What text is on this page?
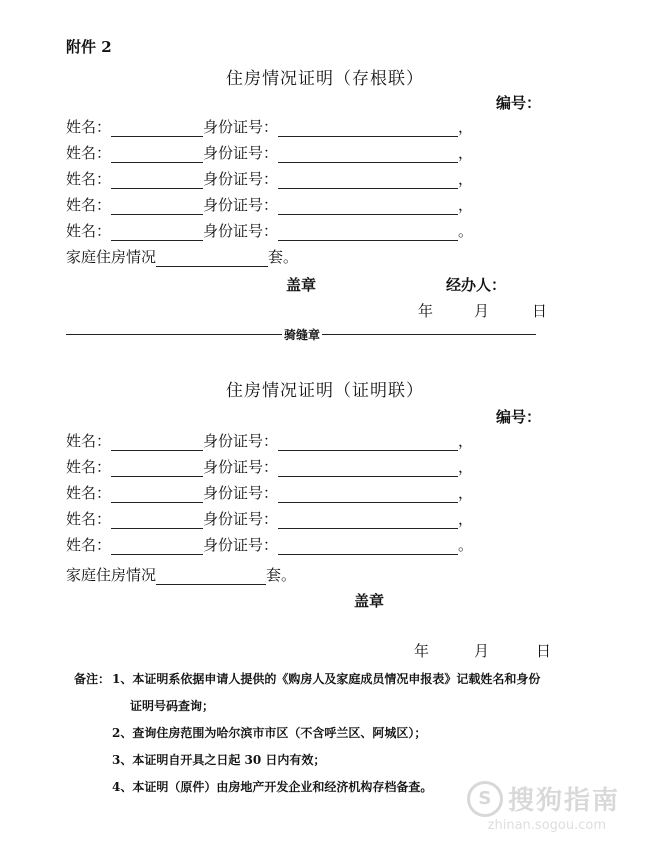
附件 2
住房情况证明（存根联）
编号：
姓名：	身份证号：	，
姓名：	身份证号：	，
姓名：	身份证号：	，
姓名：	身份证号：	，
姓名：	身份证号：	。
家庭住房情况	套。
盖章	经办人：
年	月	日
骑缝章
住房情况证明（证明联）
编号：
姓名：	身份证号：	，
姓名：	身份证号：	，
姓名：	身份证号：	，
姓名：	身份证号：	，
姓名：	身份证号：	。
家庭住房情况	套。
盖章
年	月	日
备注： 1、本证明系依据申请人提供的《购房人及家庭成员情况申报表》记载姓名和身份
证明号码查询；
2、查询住房范围为哈尔滨市市区（不含呼兰区、阿城区）；
3、本证明自开具之日起 30 日内有效；
4、本证明（原件）由房地产开发企业和经济机构存档备查。
S 搜狗指南
zhinan.sogou.com
